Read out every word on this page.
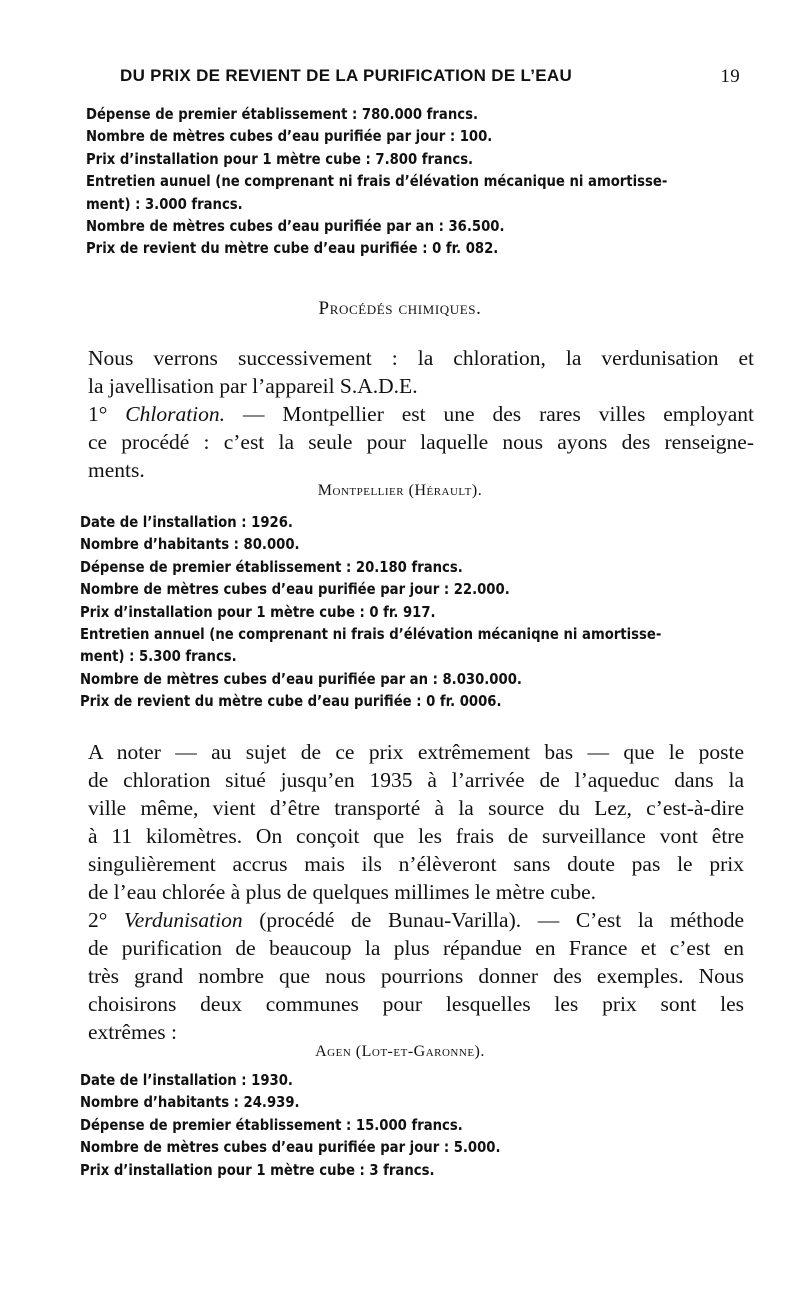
DU PRIX DE REVIENT DE LA PURIFICATION DE L’EAU	19
Dépense de premier établissement : 780.000 francs.
Nombre de mètres cubes d’eau purifiée par jour : 100.
Prix d’installation pour 1 mètre cube : 7.800 francs.
Entretien aunuel (ne comprenant ni frais d’élévation mécanique ni amortisse-
ment) : 3.000 francs.
Nombre de mètres cubes d’eau purifiée par an : 36.500.
Prix de revient du mètre cube d’eau purifiée : 0 fr. 082.
Procédés chimiques.
Nous verrons successivement : la chloration, la verdunisation et
la javellisation par l’appareil S.A.D.E.
1° Chloration. — Montpellier est une des rares villes employant
ce procédé : c’est la seule pour laquelle nous ayons des renseigne-
ments.
Montpellier (Hérault).
Date de l’installation : 1926.
Nombre d’habitants : 80.000.
Dépense de premier établissement : 20.180 francs.
Nombre de mètres cubes d’eau purifiée par jour : 22.000.
Prix d’installation pour 1 mètre cube : 0 fr. 917.
Entretien annuel (ne comprenant ni frais d’élévation mécaniqne ni amortisse-
ment) : 5.300 francs.
Nombre de mètres cubes d’eau purifiée par an : 8.030.000.
Prix de revient du mètre cube d’eau purifiée : 0 fr. 0006.
A noter — au sujet de ce prix extrêmement bas — que le poste
de chloration situé jusqu’en 1935 à l’arrivée de l’aqueduc dans la
ville même, vient d’être transporté à la source du Lez, c’est-à-dire
à 11 kilomètres. On conçoit que les frais de surveillance vont être
singulièrement accrus mais ils n’élèveront sans doute pas le prix
de l’eau chlorée à plus de quelques millimes le mètre cube.
2° Verdunisation (procédé de Bunau-Varilla). — C’est la méthode
de purification de beaucoup la plus répandue en France et c’est en
très grand nombre que nous pourrions donner des exemples. Nous
choisirons deux communes pour lesquelles les prix sont les
extrêmes :
Agen (Lot-et-Garonne).
Date de l’installation : 1930.
Nombre d’habitants : 24.939.
Dépense de premier établissement : 15.000 francs.
Nombre de mètres cubes d’eau purifiée par jour : 5.000.
Prix d’installation pour 1 mètre cube : 3 francs.
